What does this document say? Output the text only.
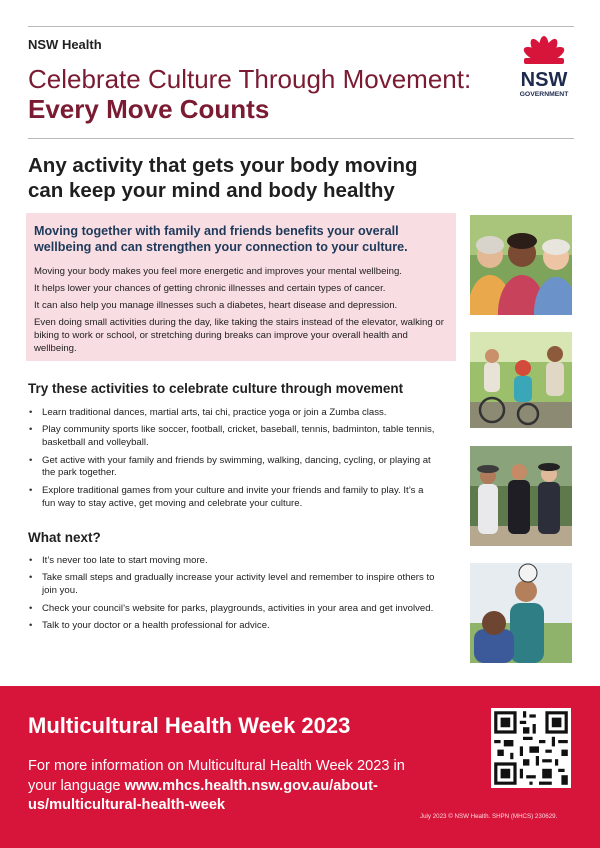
NSW Health
Celebrate Culture Through Movement:
Every Move Counts
NSW
GOVERNMENT
Any activity that gets your body moving can keep your mind and body healthy
Moving together with family and friends benefits your overall wellbeing and can strengthen your connection to your culture.
Moving your body makes you feel more energetic and improves your mental wellbeing.
It helps lower your chances of getting chronic illnesses and certain types of cancer.
It can also help you manage illnesses such a diabetes, heart disease and depression.
Even doing small activities during the day, like taking the stairs instead of the elevator, walking or biking to work or school, or stretching during breaks can improve your overall health and wellbeing.
Try these activities to celebrate culture through movement
• Learn traditional dances, martial arts, tai chi, practice yoga or join a Zumba class.
• Play community sports like soccer, football, cricket, baseball, tennis, badminton, table tennis, basketball and volleyball.
• Get active with your family and friends by swimming, walking, dancing, cycling, or playing at the park together.
• Explore traditional games from your culture and invite your friends and family to play. It’s a fun way to stay active, get moving and celebrate your culture.
What next?
• It’s never too late to start moving more.
• Take small steps and gradually increase your activity level and remember to inspire others to join you.
• Check your council’s website for parks, playgrounds, activities in your area and get involved.
• Talk to your doctor or a health professional for advice.
Multicultural Health Week 2023
For more information on Multicultural Health Week 2023 in your language www.mhcs.health.nsw.gov.au/about-us/multicultural-health-week
July 2023 © NSW Health. SHPN (MHCS) 230629.
